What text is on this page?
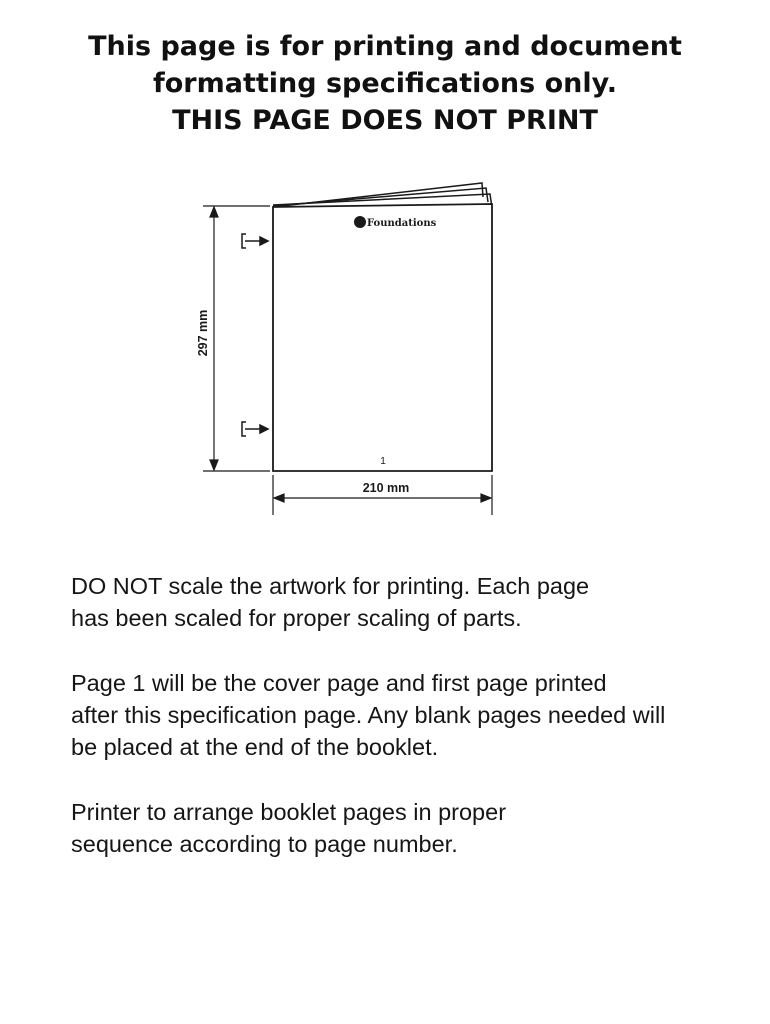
This page is for printing and document
formatting specifications only.
THIS PAGE DOES NOT PRINT
Foundations
1
297 mm
210 mm
DO NOT scale the artwork for printing. Each page
has been scaled for proper scaling of parts.
Page 1 will be the cover page and first page printed
after this specification page. Any blank pages needed will
be placed at the end of the booklet.
Printer to arrange booklet pages in proper
sequence according to page number.
